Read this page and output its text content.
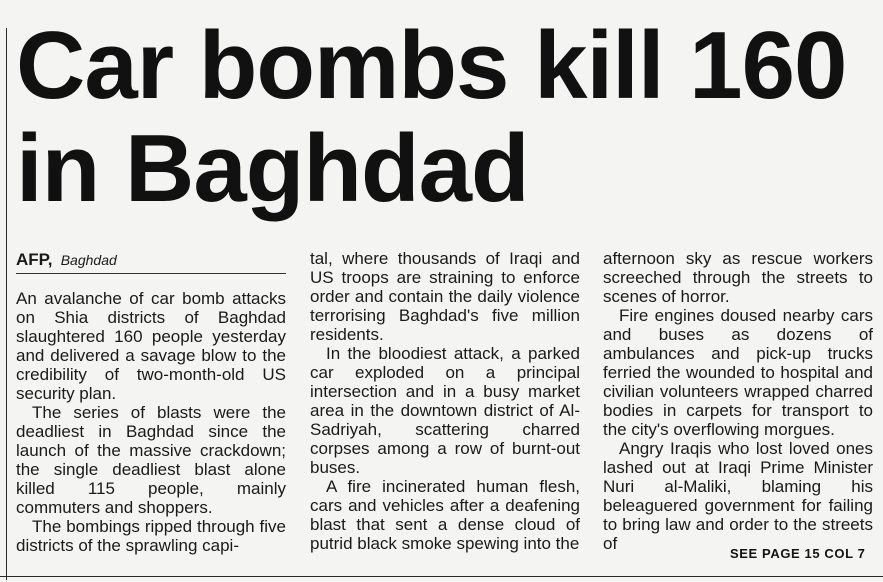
Car bombs kill 160
in Baghdad
AFP, Baghdad

An avalanche of car bomb attacks on Shia districts of Baghdad slaughtered 160 people yesterday and delivered a savage blow to the credibility of two-month-old US security plan.

The series of blasts were the deadliest in Baghdad since the launch of the massive crackdown; the single deadliest blast alone killed 115 people, mainly commuters and shoppers.

The bombings ripped through five districts of the sprawling capi-

tal, where thousands of Iraqi and US troops are straining to enforce order and contain the daily violence terrorising Baghdad's five million residents.

In the bloodiest attack, a parked car exploded on a principal intersection and in a busy market area in the downtown district of Al-Sadriyah, scattering charred corpses among a row of burnt-out buses.

A fire incinerated human flesh, cars and vehicles after a deafening blast that sent a dense cloud of putrid black smoke spewing into the

afternoon sky as rescue workers screeched through the streets to scenes of horror.

Fire engines doused nearby cars and buses as dozens of ambulances and pick-up trucks ferried the wounded to hospital and civilian volunteers wrapped charred bodies in carpets for transport to the city's overflowing morgues.

Angry Iraqis who lost loved ones lashed out at Iraqi Prime Minister Nuri al-Maliki, blaming his beleaguered government for failing to bring law and order to the streets of

SEE PAGE 15 COL 7
